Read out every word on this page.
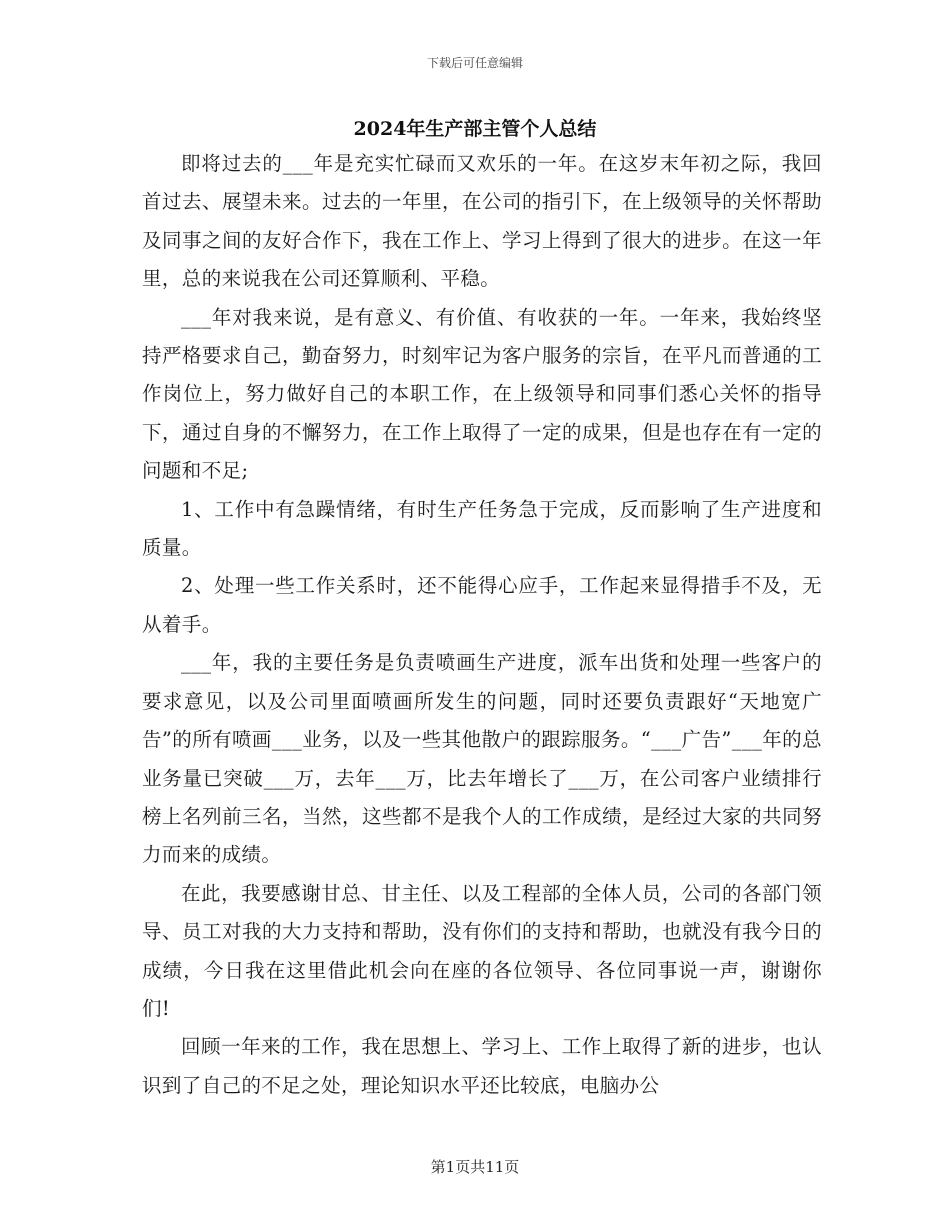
下载后可任意编辑
2024年生产部主管个人总结

即将过去的___年是充实忙碌而又欢乐的一年。在这岁末年初之际，我回首过去、展望未来。过去的一年里，在公司的指引下，在上级领导的关怀帮助及同事之间的友好合作下，我在工作上、学习上得到了很大的进步。在这一年里，总的来说我在公司还算顺利、平稳。

___年对我来说，是有意义、有价值、有收获的一年。一年来，我始终坚持严格要求自己，勤奋努力，时刻牢记为客户服务的宗旨，在平凡而普通的工作岗位上，努力做好自己的本职工作，在上级领导和同事们悉心关怀的指导下，通过自身的不懈努力，在工作上取得了一定的成果，但是也存在有一定的问题和不足;

1、工作中有急躁情绪，有时生产任务急于完成，反而影响了生产进度和质量。

2、处理一些工作关系时，还不能得心应手，工作起来显得措手不及，无从着手。

___年，我的主要任务是负责喷画生产进度，派车出货和处理一些客户的要求意见，以及公司里面喷画所发生的问题，同时还要负责跟好“天地宽广告”的所有喷画___业务，以及一些其他散户的跟踪服务。“___广告”___年的总业务量已突破___万，去年___万，比去年增长了___万，在公司客户业绩排行榜上名列前三名，当然，这些都不是我个人的工作成绩，是经过大家的共同努力而来的成绩。

在此，我要感谢甘总、甘主任、以及工程部的全体人员，公司的各部门领导、员工对我的大力支持和帮助，没有你们的支持和帮助，也就没有我今日的成绩，今日我在这里借此机会向在座的各位领导、各位同事说一声，谢谢你们!

回顾一年来的工作，我在思想上、学习上、工作上取得了新的进步，也认识到了自己的不足之处，理论知识水平还比较底，电脑办公

第1页共11页
